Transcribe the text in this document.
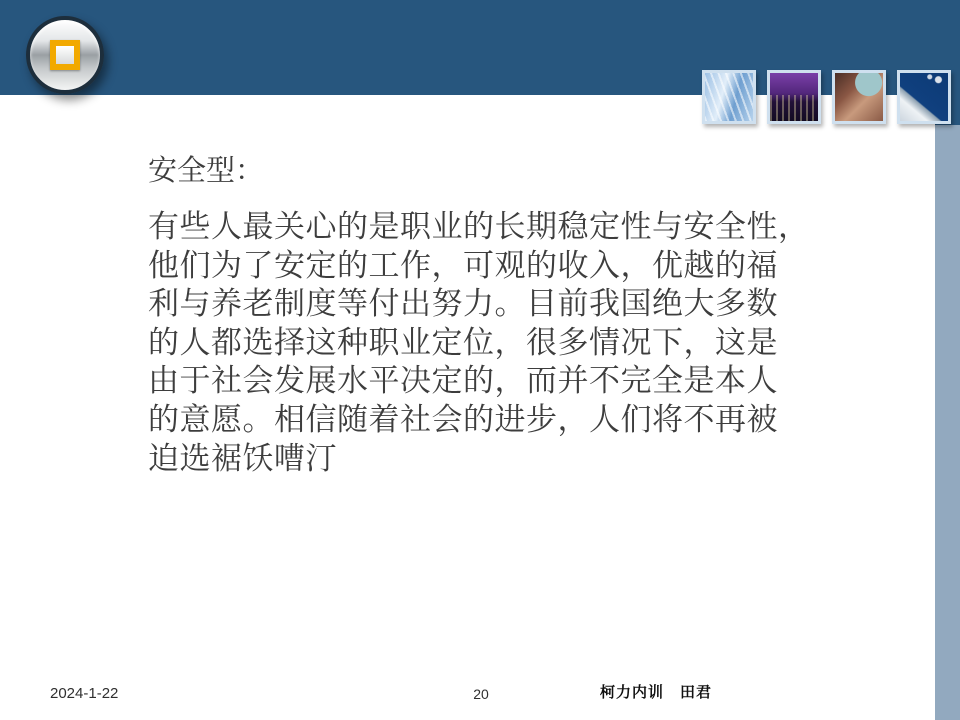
安全型：
有些人最关心的是职业的长期稳定性与安全性，
他们为了安定的工作，可观的收入，优越的福
利与养老制度等付出努力。目前我国绝大多数
的人都选择这种职业定位，很多情况下，这是
由于社会发展水平决定的，而并不完全是本人
的意愿。相信随着社会的进步，人们将不再被
迫选裾饫嘈汀
2024-1-22	20	柯力内训　田君
